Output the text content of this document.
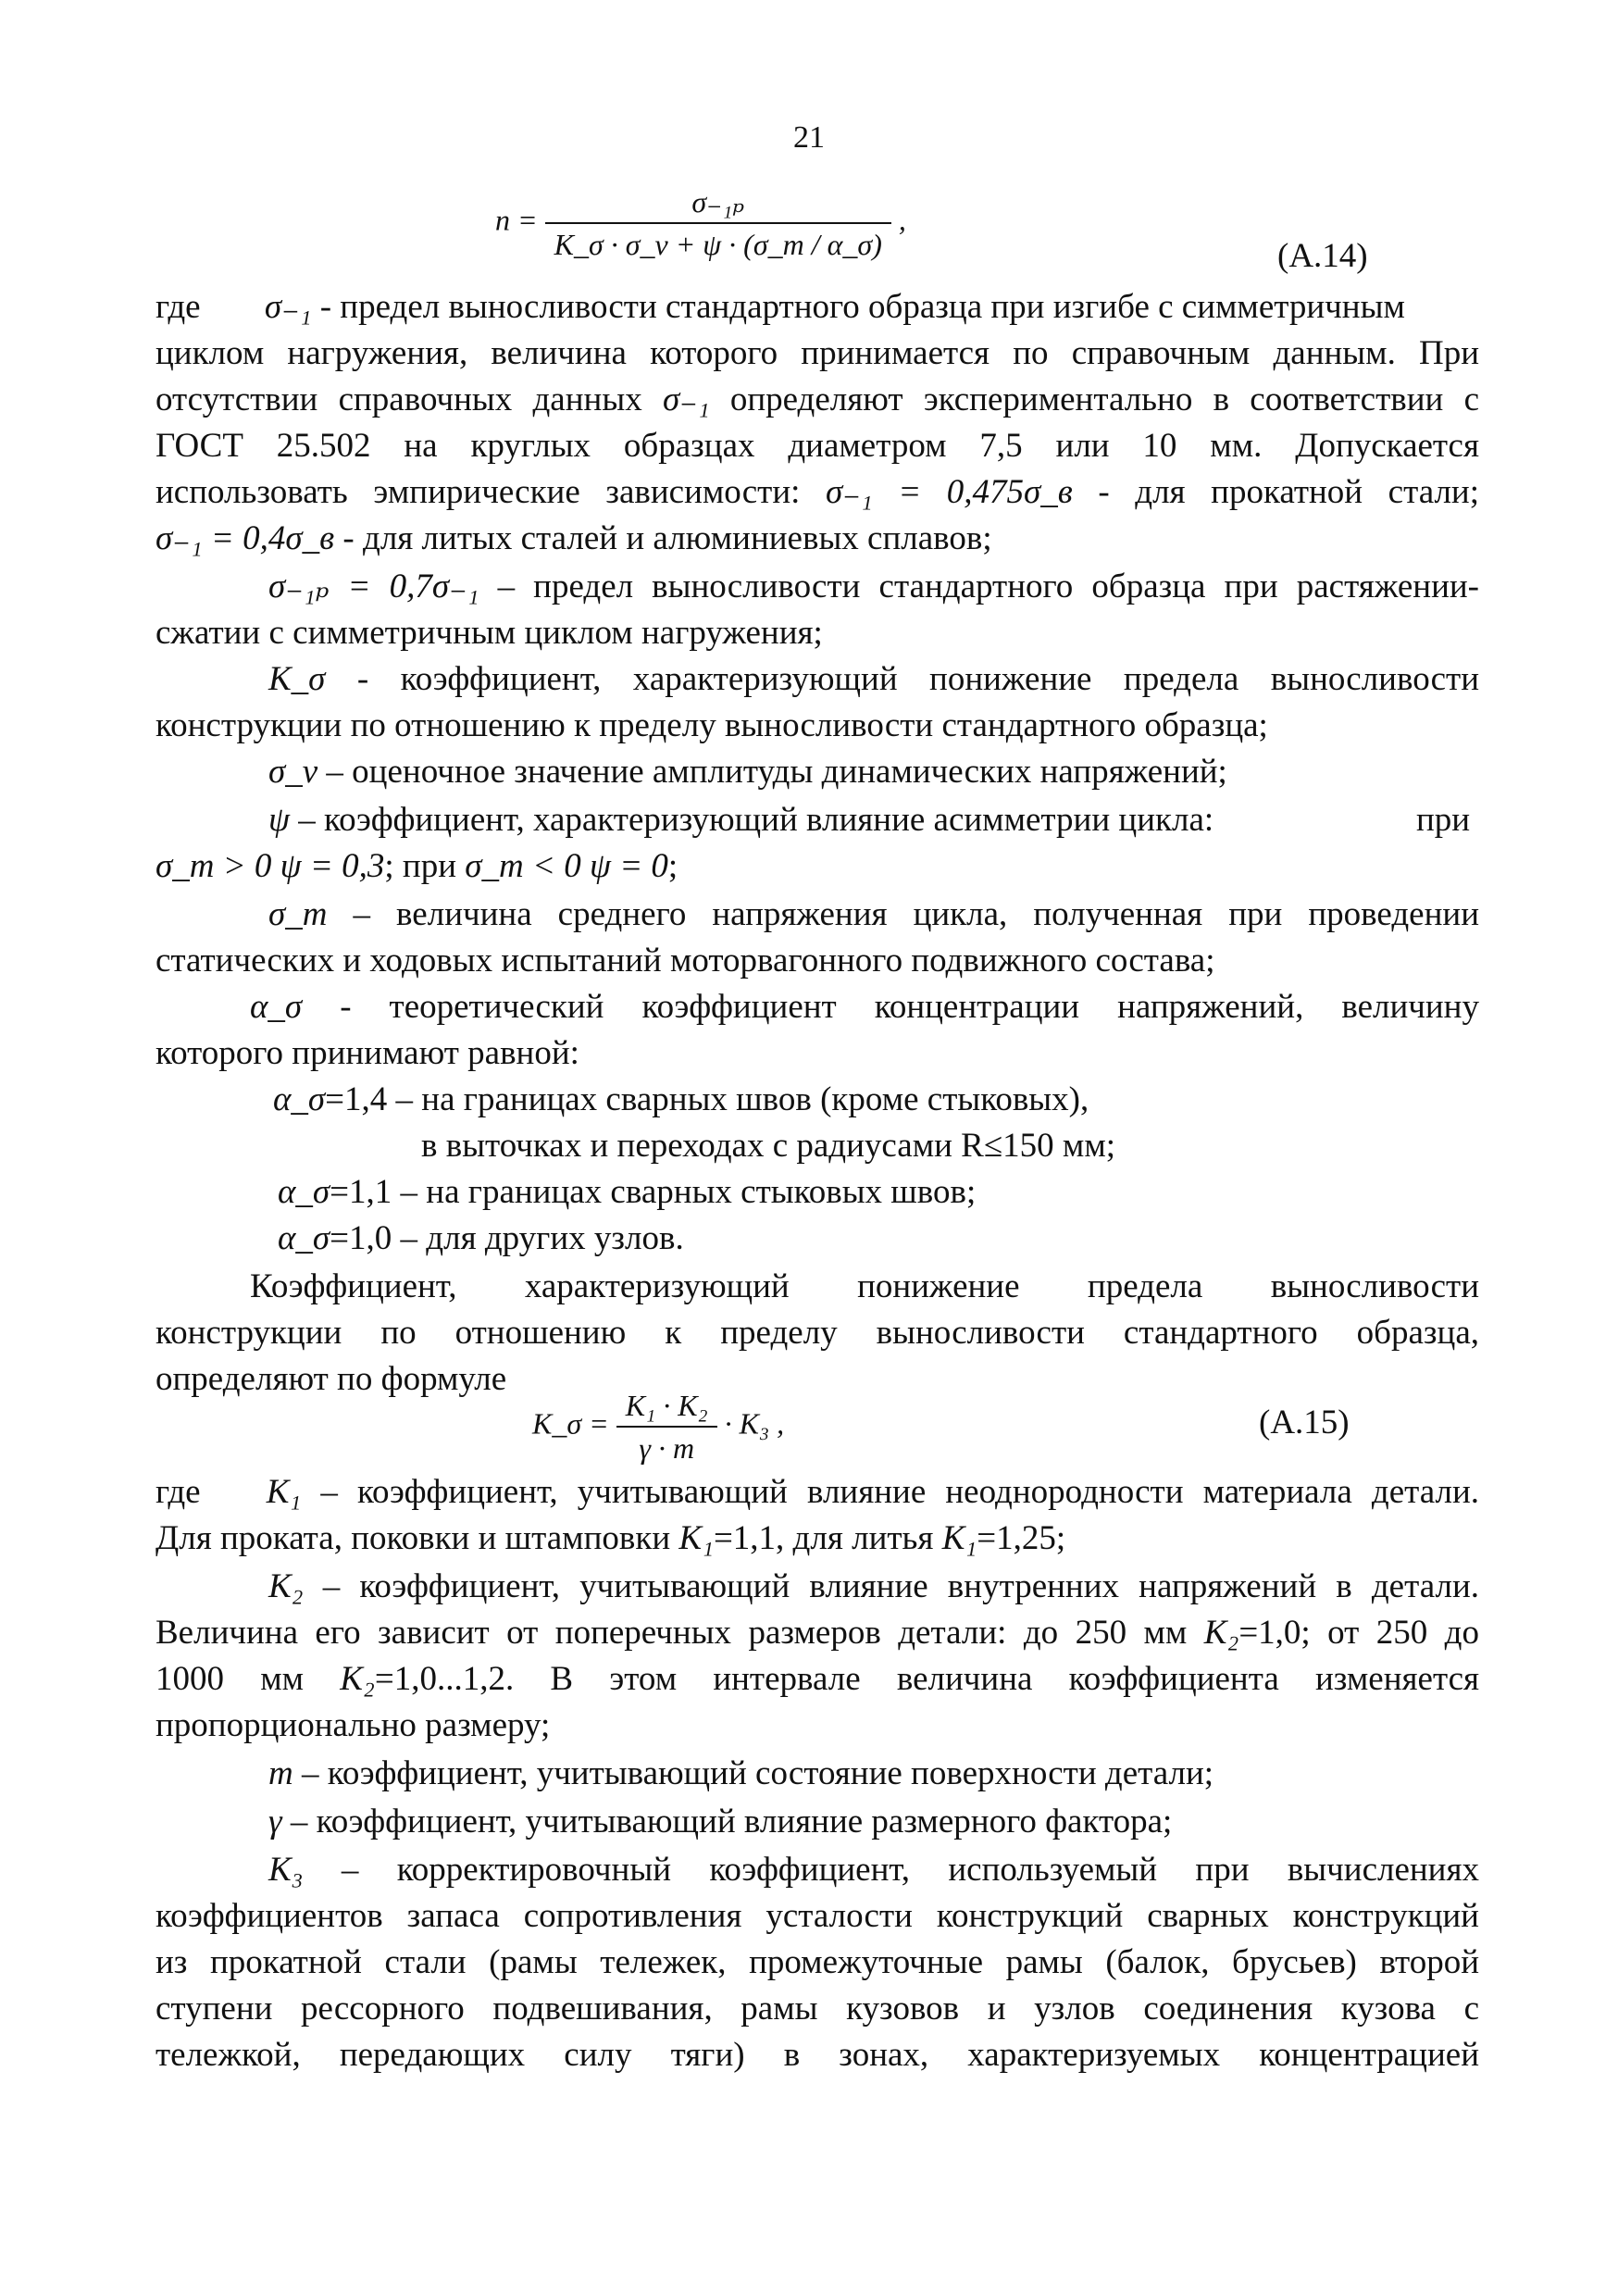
21
$n = \frac{\text{σ₋₁ₚ}}{K\_\sigma \cdot \sigma\_v + \psi \cdot (\sigma\_m / \alpha\_\sigma)}$ ,
(А.14)
где σ₋₁ - предел выносливости стандартного образца при изгибе с симметричным
циклом нагружения, величина которого принимается по справочным данным. При
отсутствии справочных данных σ₋₁ определяют экспериментально в соответствии с
ГОСТ 25.502 на круглых образцах диаметром 7,5 или 10 мм. Допускается
использовать эмпирические зависимости: σ₋₁ = 0,475σ_в - для прокатной стали;
σ₋₁ = 0,4σ_в - для литых сталей и алюминиевых сплавов;
σ₋₁ₚ = 0,7σ₋₁ – предел выносливости стандартного образца при растяжении-
сжатии с симметричным циклом нагружения;
K_σ - коэффициент, характеризующий понижение предела выносливости
конструкции по отношению к пределу выносливости стандартного образца;
σ_v – оценочное значение амплитуды динамических напряжений;
ψ – коэффициент, характеризующий влияние асимметрии цикла:	при
σ_m > 0 ψ = 0,3; при σ_m < 0 ψ = 0;
σ_m – величина среднего напряжения цикла, полученная при проведении
статических и ходовых испытаний моторвагонного подвижного состава;
α_σ - теоретический коэффициент концентрации напряжений, величину
которого принимают равной:
α_σ=1,4 – на границах сварных швов (кроме стыковых),
в выточках и переходах с радиусами R≤150 мм;
α_σ=1,1 – на границах сварных стыковых швов;
α_σ=1,0 – для других узлов.
Коэффициент, характеризующий понижение предела выносливости
конструкции по отношению к пределу выносливости стандартного образца,
определяют по формуле
K_σ = $\frac{\text{K₁ · K₂}}{\gamma \cdot m} \cdot K_3$ ,	(А.15)
где K₁ – коэффициент, учитывающий влияние неоднородности материала детали.
Для проката, поковки и штамповки K₁=1,1, для литья K₁=1,25;
K₂ – коэффициент, учитывающий влияние внутренних напряжений в детали.
Величина его зависит от поперечных размеров детали: до 250 мм K₂=1,0; от 250 до
1000 мм K₂=1,0...1,2. В этом интервале величина коэффициента изменяется
пропорционально размеру;
m – коэффициент, учитывающий состояние поверхности детали;
γ – коэффициент, учитывающий влияние размерного фактора;
K₃ – корректировочный коэффициент, используемый при вычислениях
коэффициентов запаса сопротивления усталости конструкций сварных конструкций
из прокатной стали (рамы тележек, промежуточные рамы (балок, брусьев) второй
ступени рессорного подвешивания, рамы кузовов и узлов соединения кузова с
тележкой, передающих силу тяги) в зонах, характеризуемых концентрацией
